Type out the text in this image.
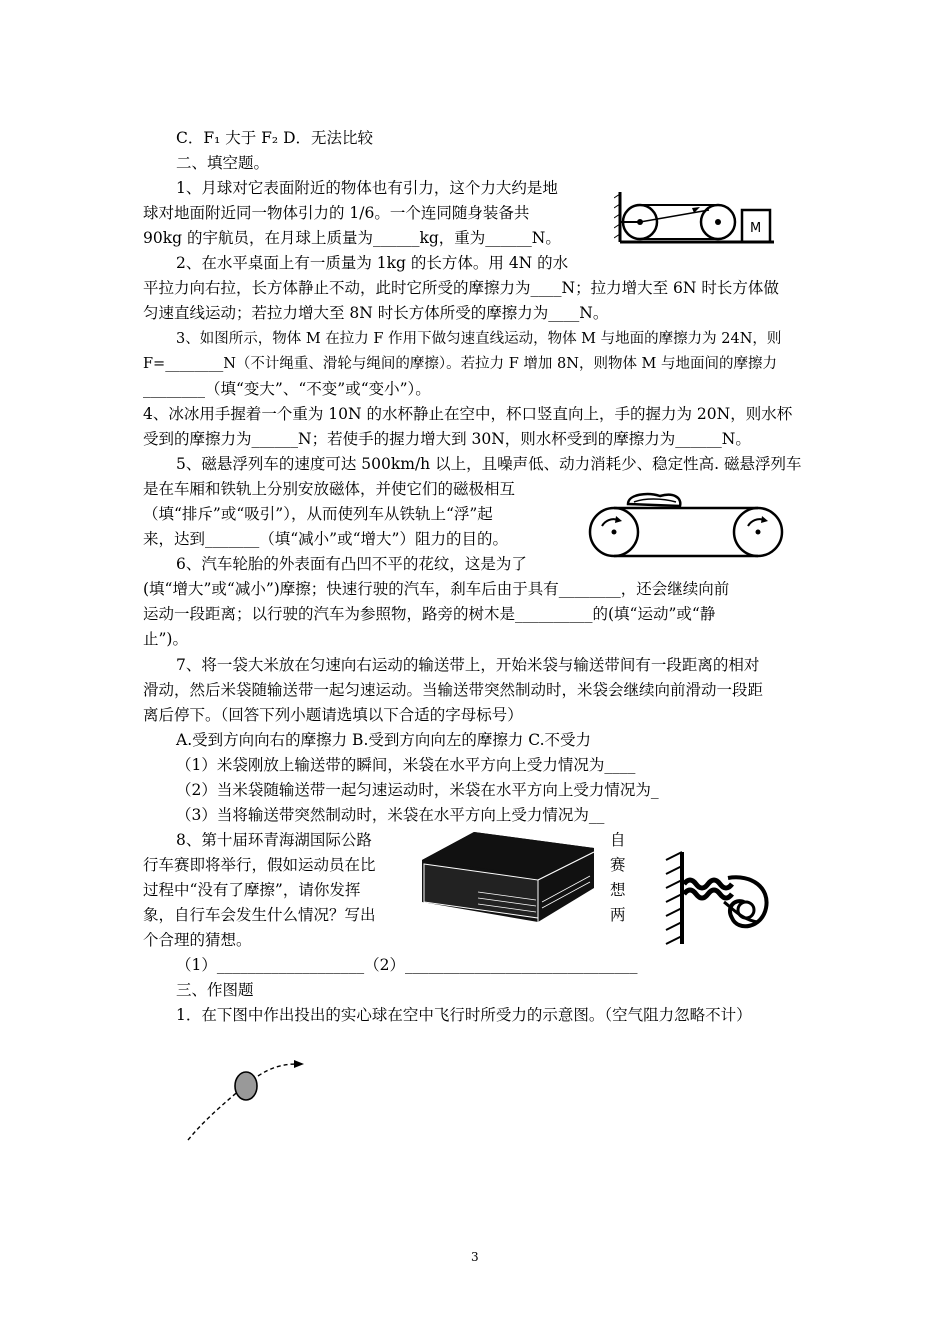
C．F₁ 大于 F₂ D．无法比较
二、填空题。
1、月球对它表面附近的物体也有引力，这个力大约是地
球对地面附近同一物体引力的 1/6。一个连同随身装备共
90kg 的宇航员，在月球上质量为______kg，重为______N。
2、在水平桌面上有一质量为 1kg 的长方体。用 4N 的水
平拉力向右拉，长方体静止不动，此时它所受的摩擦力为____N；拉力增大至 6N 时长方体做
匀速直线运动；若拉力增大至 8N 时长方体所受的摩擦力为____N。
3、如图所示，物体 M 在拉力 F 作用下做匀速直线运动，物体 M 与地面的摩擦力为 24N，则
F=________N（不计绳重、滑轮与绳间的摩擦）。若拉力 F 增加 8N，则物体 M 与地面间的摩擦力
________（填“变大”、“不变”或“变小”）。
4、冰冰用手握着一个重为 10N 的水杯静止在空中，杯口竖直向上，手的握力为 20N，则水杯
受到的摩擦力为______N；若使手的握力增大到 30N，则水杯受到的摩擦力为______N。
5、磁悬浮列车的速度可达 500km/h 以上，且噪声低、动力消耗少、稳定性高. 磁悬浮列车
是在车厢和铁轨上分别安放磁体，并使它们的磁极相互
（填“排斥”或“吸引”），从而使列车从铁轨上“浮”起
来，达到_______（填“减小”或“增大”）阻力的目的。
6、汽车轮胎的外表面有凸凹不平的花纹，这是为了
(填“增大”或“减小”)摩擦；快速行驶的汽车，刹车后由于具有________，还会继续向前
运动一段距离；以行驶的汽车为参照物，路旁的树木是__________的(填“运动”或“静
止”)。
7、将一袋大米放在匀速向右运动的输送带上，开始米袋与输送带间有一段距离的相对
滑动，然后米袋随输送带一起匀速运动。当输送带突然制动时，米袋会继续向前滑动一段距
离后停下。（回答下列小题请选填以下合适的字母标号）
A.受到方向向右的摩擦力 B.受到方向向左的摩擦力 C.不受力
（1）米袋刚放上输送带的瞬间，米袋在水平方向上受力情况为____
（2）当米袋随输送带一起匀速运动时，米袋在水平方向上受力情况为_
（3）当将输送带突然制动时，米袋在水平方向上受力情况为__
8、第十届环青海湖国际公路
行车赛即将举行，假如运动员在比
过程中“没有了摩擦”，请你发挥
象，自行车会发生什么情况？写出
个合理的猜想。
（1）___________________（2）______________________________
三、作图题
1．在下图中作出投出的实心球在空中飞行时所受力的示意图。（空气阻力忽略不计）
自
赛
想
两
M
3
